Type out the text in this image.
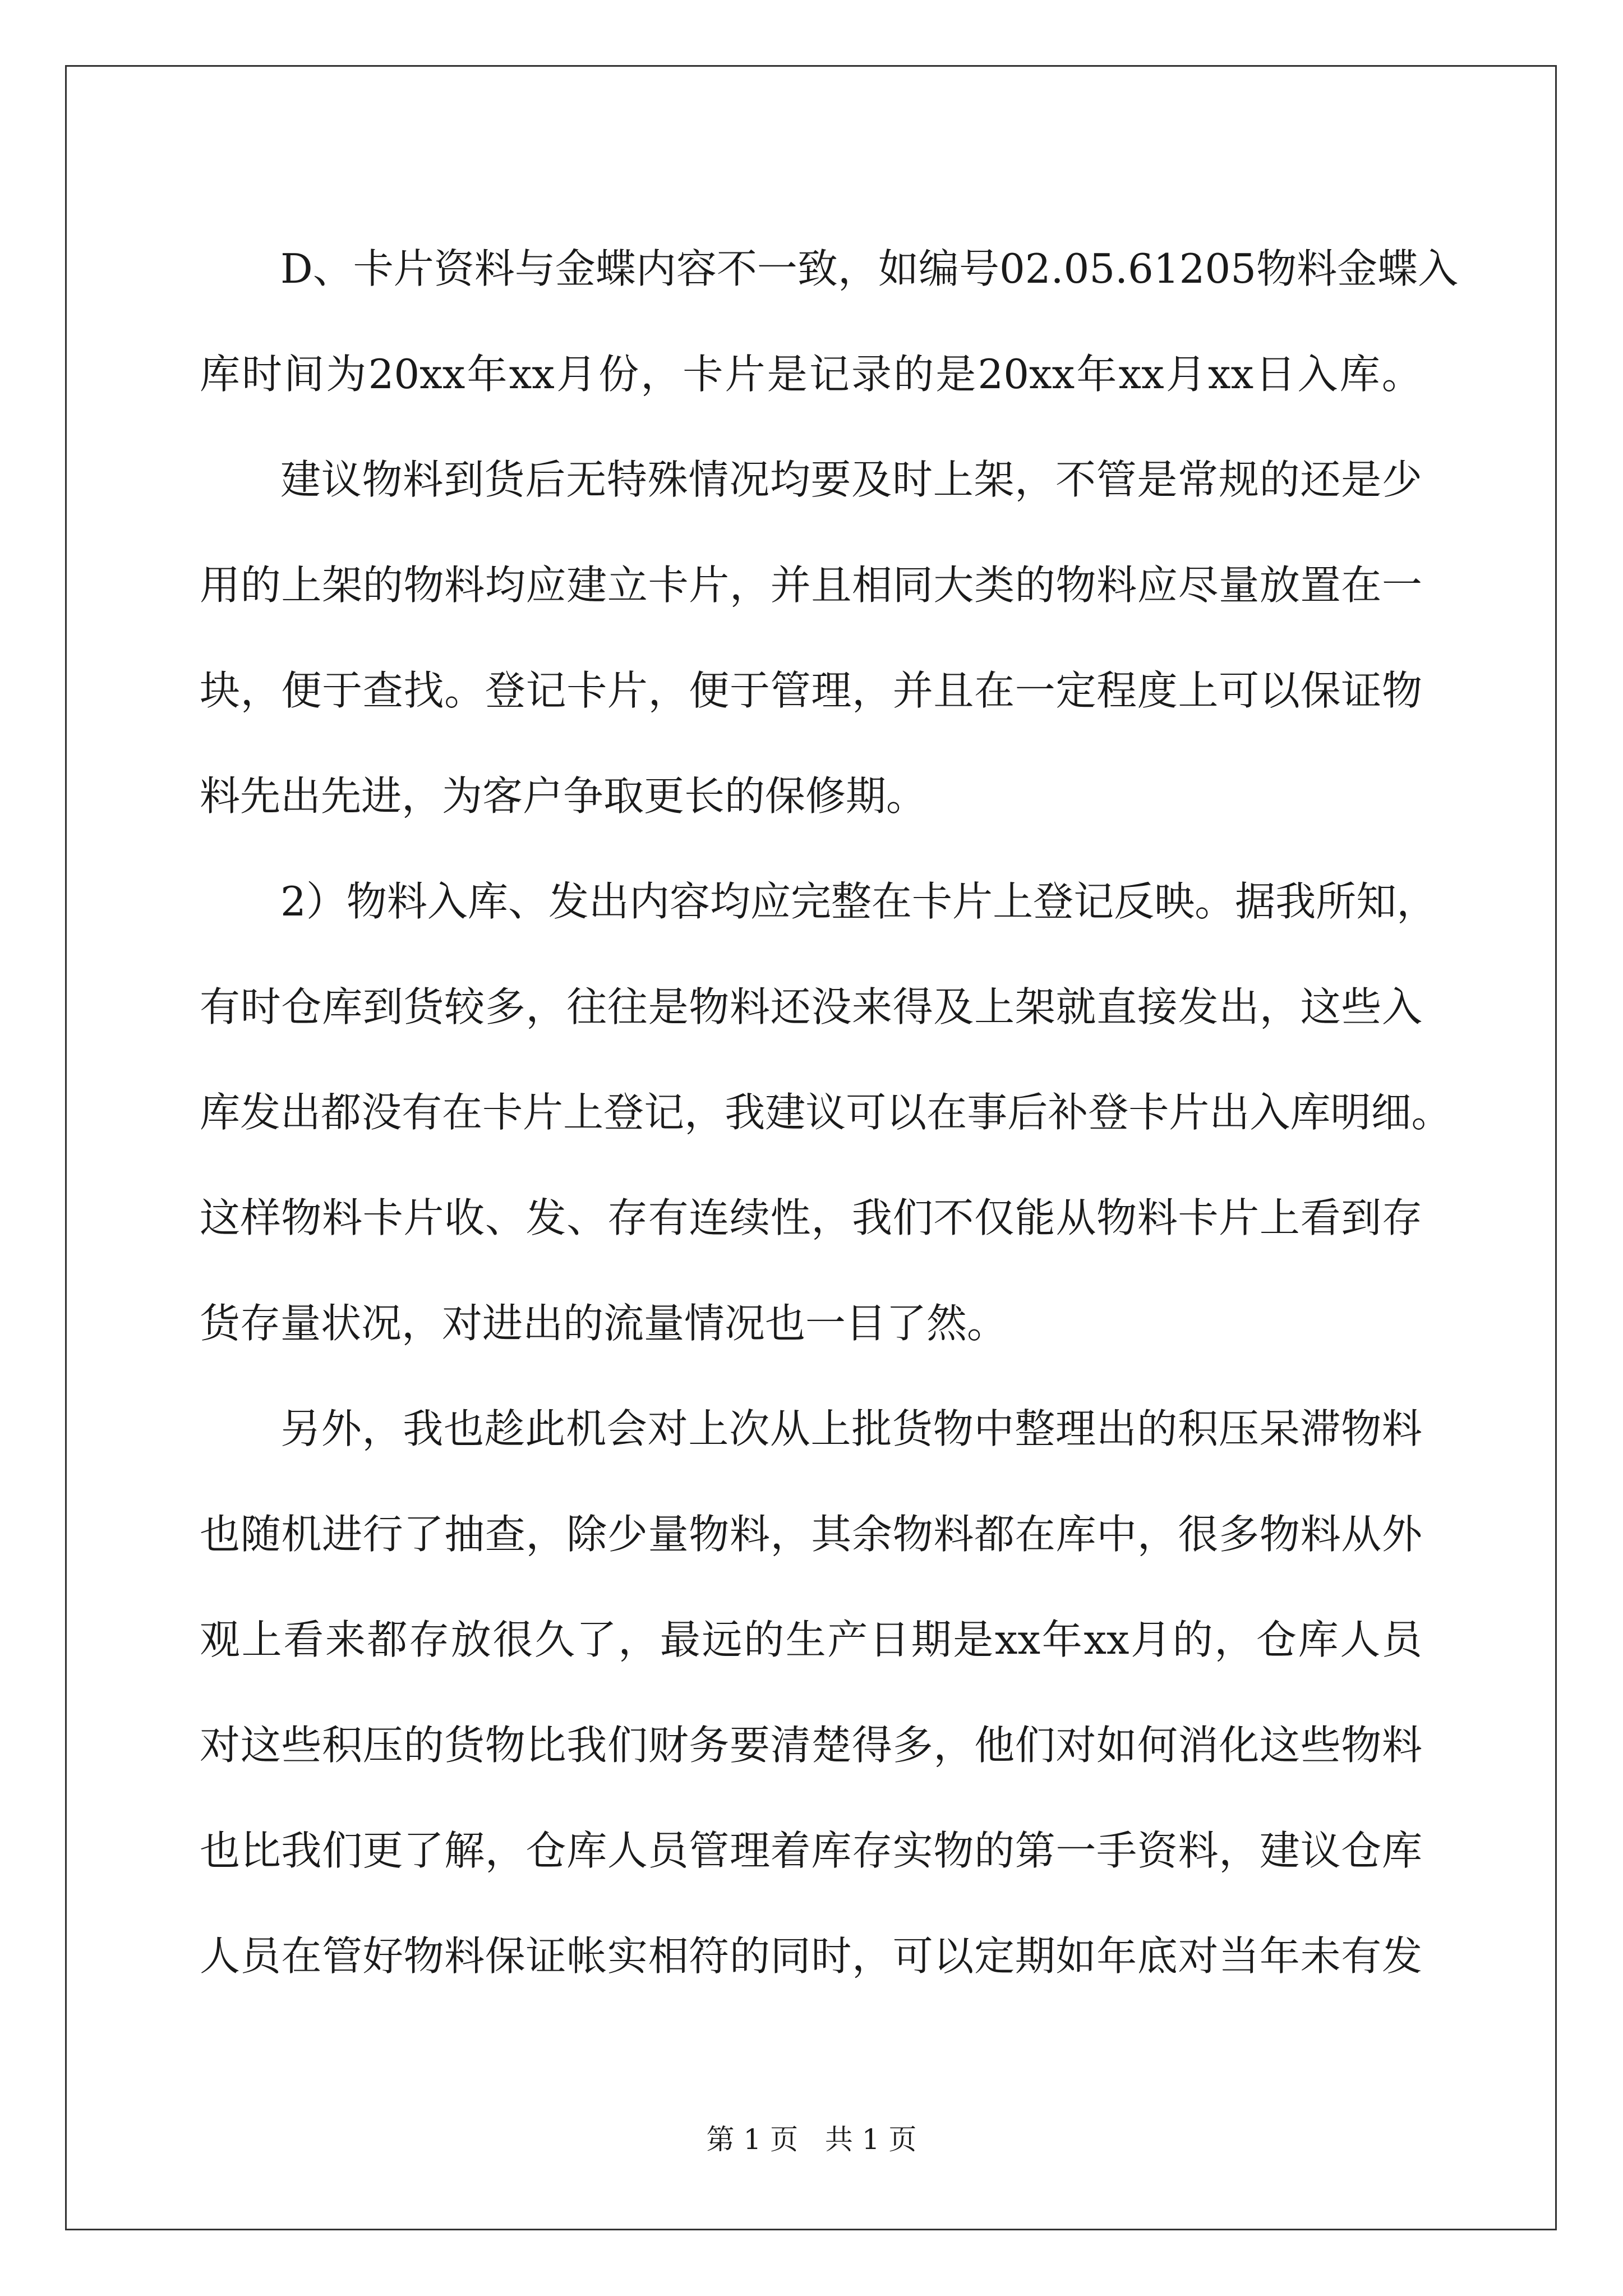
D 、 卡 片 资 料 与 金 蝶 内 容 不 一 致 ， 如 编 号 02.05.61205 物 料 金 蝶 入
库 时 间 为 20xx 年 xx 月 份 ， 卡 片 是 记 录 的 是 20xx 年 xx 月 xx 日 入 库 。
建 议 物 料 到 货 后 无 特 殊 情 况 均 要 及 时 上 架 ， 不 管 是 常 规 的 还 是 少
用 的 上 架 的 物 料 均 应 建 立 卡 片 ， 并 且 相 同 大 类 的 物 料 应 尽 量 放 置 在 一
块 ， 便 于 查 找 。 登 记 卡 片 ， 便 于 管 理 ， 并 且 在 一 定 程 度 上 可 以 保 证 物
料先出先进，为客户争取更长的保修期。
2 ） 物 料 入 库 、 发 出 内 容 均 应 完 整 在 卡 片 上 登 记 反 映 。 据 我 所 知 ，
有 时 仓 库 到 货 较 多 ， 往 往 是 物 料 还 没 来 得 及 上 架 就 直 接 发 出 ， 这 些 入
库 发 出 都 没 有 在 卡 片 上 登 记 ， 我 建 议 可 以 在 事 后 补 登 卡 片 出 入 库 明 细 。
这 样 物 料 卡 片 收 、 发 、 存 有 连 续 性 ， 我 们 不 仅 能 从 物 料 卡 片 上 看 到 存
货存量状况，对进出的流量情况也一目了然。
另 外 ， 我 也 趁 此 机 会 对 上 次 从 上 批 货 物 中 整 理 出 的 积 压 呆 滞 物 料
也 随 机 进 行 了 抽 查 ， 除 少 量 物 料 ， 其 余 物 料 都 在 库 中 ， 很 多 物 料 从 外
观 上 看 来 都 存 放 很 久 了 ， 最 远 的 生 产 日 期 是 xx 年 xx 月 的 ， 仓 库 人 员
对 这 些 积 压 的 货 物 比 我 们 财 务 要 清 楚 得 多 ， 他 们 对 如 何 消 化 这 些 物 料
也 比 我 们 更 了 解 ， 仓 库 人 员 管 理 着 库 存 实 物 的 第 一 手 资 料 ， 建 议 仓 库
人 员 在 管 好 物 料 保 证 帐 实 相 符 的 同 时 ， 可 以 定 期 如 年 底 对 当 年 未 有 发
第 1 页   共 1 页
